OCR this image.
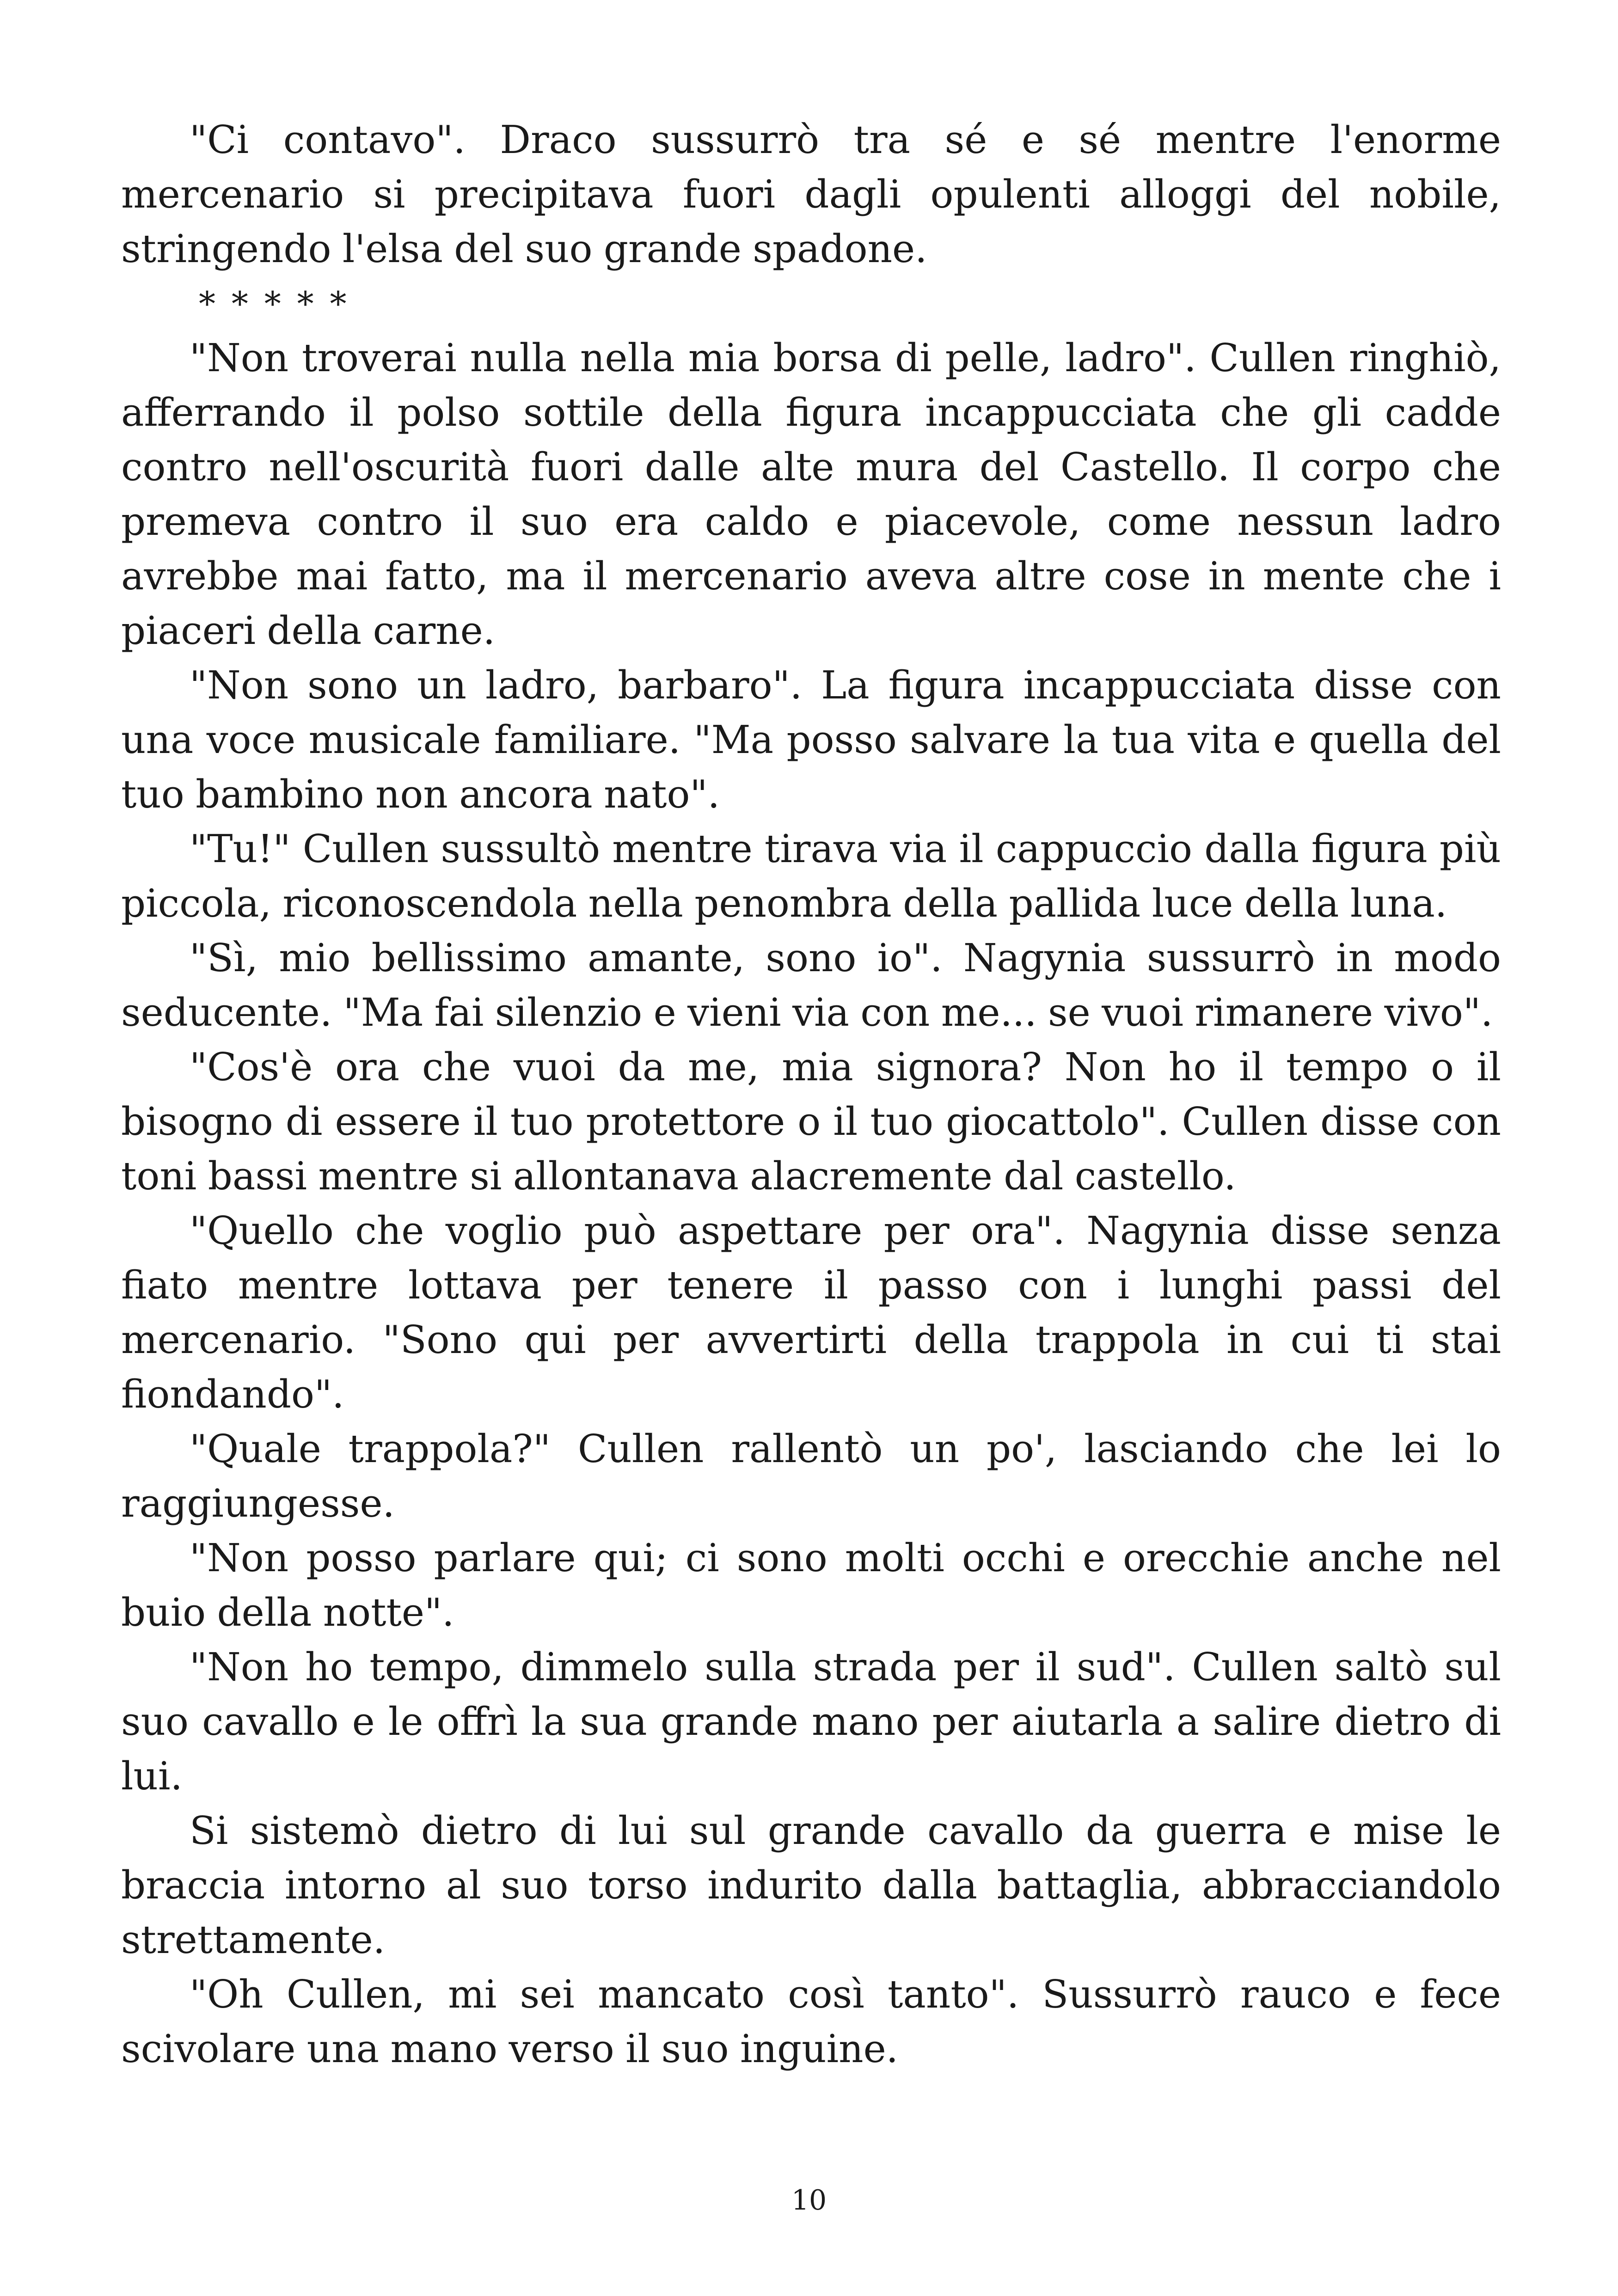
"Ci contavo". Draco sussurrò tra sé e sé mentre l'enorme mercenario si precipitava fuori dagli opulenti alloggi del nobile, stringendo l'elsa del suo grande spadone.

* * * * *

"Non troverai nulla nella mia borsa di pelle, ladro". Cullen ringhiò, afferrando il polso sottile della figura incappucciata che gli cadde contro nell'oscurità fuori dalle alte mura del Castello. Il corpo che premeva contro il suo era caldo e piacevole, come nessun ladro avrebbe mai fatto, ma il mercenario aveva altre cose in mente che i piaceri della carne.

"Non sono un ladro, barbaro". La figura incappucciata disse con una voce musicale familiare. "Ma posso salvare la tua vita e quella del tuo bambino non ancora nato".

"Tu!" Cullen sussultò mentre tirava via il cappuccio dalla figura più piccola, riconoscendola nella penombra della pallida luce della luna.

"Sì, mio bellissimo amante, sono io". Nagynia sussurrò in modo seducente. "Ma fai silenzio e vieni via con me... se vuoi rimanere vivo".

"Cos'è ora che vuoi da me, mia signora? Non ho il tempo o il bisogno di essere il tuo protettore o il tuo giocattolo". Cullen disse con toni bassi mentre si allontanava alacremente dal castello.

"Quello che voglio può aspettare per ora". Nagynia disse senza fiato mentre lottava per tenere il passo con i lunghi passi del mercenario. "Sono qui per avvertirti della trappola in cui ti stai fiondando".

"Quale trappola?" Cullen rallentò un po', lasciando che lei lo raggiungesse.

"Non posso parlare qui; ci sono molti occhi e orecchie anche nel buio della notte".

"Non ho tempo, dimmelo sulla strada per il sud". Cullen saltò sul suo cavallo e le offrì la sua grande mano per aiutarla a salire dietro di lui.

Si sistemò dietro di lui sul grande cavallo da guerra e mise le braccia intorno al suo torso indurito dalla battaglia, abbracciandolo strettamente.

"Oh Cullen, mi sei mancato così tanto". Sussurrò rauco e fece scivolare una mano verso il suo inguine.

10
